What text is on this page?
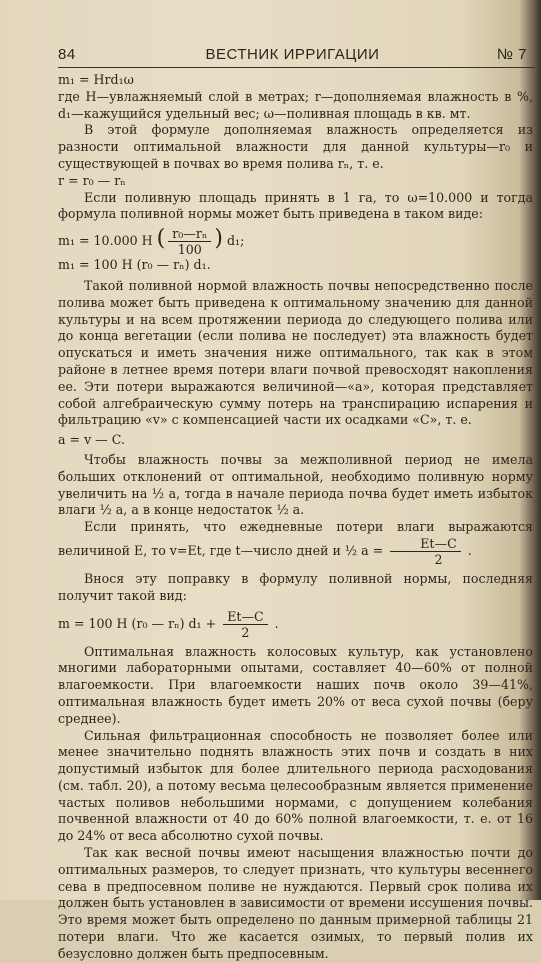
84	ВЕСТНИК ИРРИГАЦИИ	№ 7

m₁ = Hrd₁ω

где H—увлажняемый слой в метрах; r—дополняемая влажность в %, d₁—кажущийся удельный вес; ω—поливная площадь в кв. мт.

В этой формуле дополняемая влажность определяется из разности оптимальной влажности для данной культуры—r₀ и существующей в почвах во время полива rₙ, т. е.

r = r₀ — rₙ

Если поливную площадь принять в 1 га, то ω=10.000 и тогда формула поливной нормы может быть приведена в таком виде:

m₁ = 10.000 H ( $\frac{\text{r₀—rₙ}}{100}$ ) d₁;

m₁ = 100 H (r₀ — rₙ) d₁.

Такой поливной нормой влажность почвы непосредственно после полива может быть приведена к оптимальному значению для данной культуры и на всем протяжении периода до следующего полива или до конца вегетации (если полива не последует) эта влажность будет опускаться и иметь значения ниже оптимального, так как в этом районе в летнее время потери влаги почвой превосходят накопления ее. Эти потери выражаются величиной—«a», которая представляет собой алгебраическую сумму потерь на транспирацию испарения и фильтрацию «v» с компенсацией части их осадками «C», т. е.

a = v — C.

Чтобы влажность почвы за межполивной период не имела больших отклонений от оптимальной, необходимо поливную норму увеличить на ½ a, тогда в начале периода почва будет иметь избыток влаги ½ a, а в конце недостаток ½ a.

Если принять, что ежедневные потери влаги выражаются величиной E, то v=Et, где t—число дней и ½ $a = \frac{Et—C}{2}$ .

Внося эту поправку в формулу поливной нормы, последняя получит такой вид:

m = 100 H (r₀ — rₙ) $d_1 + \frac{Et—C}{2}$ .

Оптимальная влажность колосовых культур, как установлено многими лабораторными опытами, составляет 40—60% от полной влагоемкости. При влагоемкости наших почв около 39—41%, оптимальная влажность будет иметь 20% от веса сухой почвы (беру среднее).

Сильная фильтрационная способность не позволяет более или менее значительно поднять влажность этих почв и создать в них допустимый избыток для более длительного периода расходования (см. табл. 20), а потому весьма целесообразным является применение частых поливов небольшими нормами, с допущением колебания почвенной влажности от 40 до 60% полной влагоемкости, т. е. от 16 до 24% от веса абсолютно сухой почвы.

Так как весной почвы имеют насыщения влажностью почти до оптимальных размеров, то следует признать, что культуры весеннего сева в предпосевном поливе не нуждаются. Первый срок полива их должен быть установлен в зависимости от времени иссушения почвы. Это время может быть определено по данным примерной таблицы 21 потери влаги. Что же касается озимых, то первый полив их безусловно должен быть предпосевным.
